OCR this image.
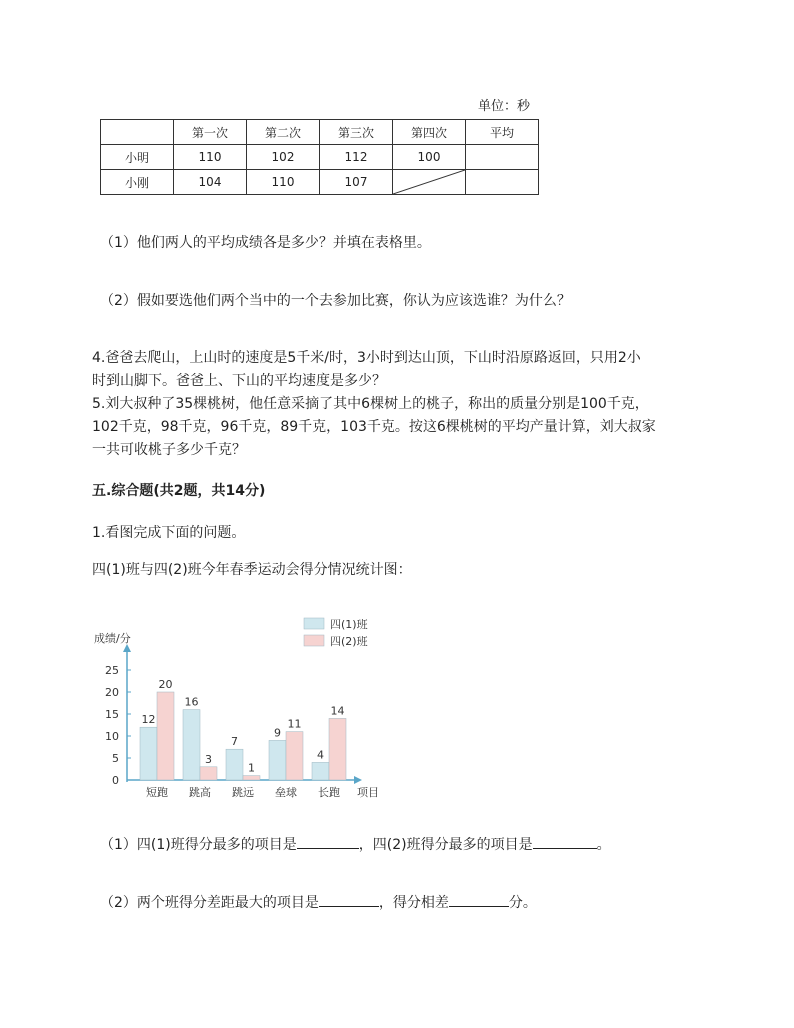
单位：秒
	第一次	第二次	第三次	第四次	平均
小明	110	102	112	100	
小刚	104	110	107	

（1）他们两人的平均成绩各是多少？并填在表格里。
（2）假如要选他们两个当中的一个去参加比赛，你认为应该选谁？为什么？
4.爸爸去爬山，上山时的速度是5千米/时，3小时到达山顶，下山时沿原路返回，只用2小
时到山脚下。爸爸上、下山的平均速度是多少？
5.刘大叔种了35棵桃树，他任意采摘了其中6棵树上的桃子，称出的质量分别是100千克，
102千克，98千克，96千克，89千克，103千克。按这6棵桃树的平均产量计算，刘大叔家
一共可收桃子多少千克？
五.综合题(共2题，共14分)
1.看图完成下面的问题。
四(1)班与四(2)班今年春季运动会得分情况统计图：
0
5
10
15
20
25
成绩/分
12
20
短跑
16
3
跳高
7
1
跳远
9
11
垒球
4
14
长跑 项目
四(1)班
四(2)班
（1）四(1)班得分最多的项目是	，四(2)班得分最多的项目是	。
（2）两个班得分差距最大的项目是	，得分相差	分。
